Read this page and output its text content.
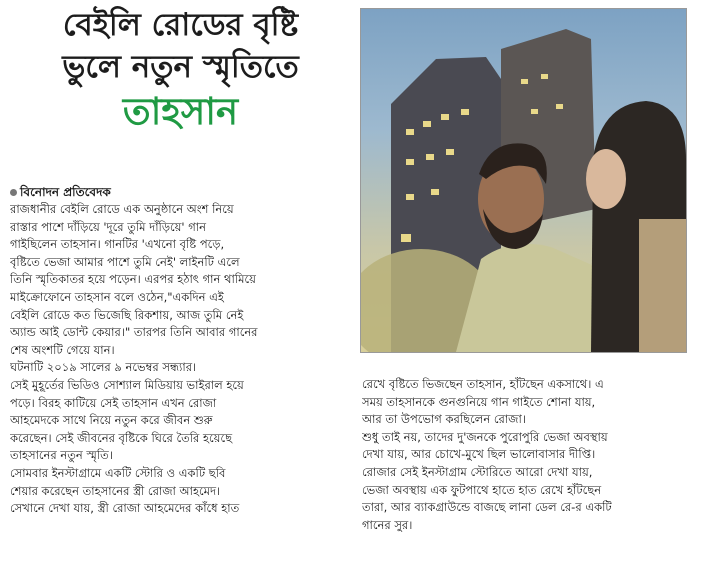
বেইলি রোডের বৃষ্টি
ভুলে নতুন স্মৃতিতে
তাহসান
বিনোদন প্রতিবেদক
রাজধানীর বেইলি রোডে এক অনুষ্ঠানে অংশ নিয়ে
রাস্তার পাশে দাঁড়িয়ে 'দূরে তুমি দাঁড়িয়ে' গান
গাইছিলেন তাহসান। গানটির 'এখনো বৃষ্টি পড়ে,
বৃষ্টিতে ভেজা আমার পাশে তুমি নেই' লাইনটি এলে
তিনি স্মৃতিকাতর হয়ে পড়েন। এরপর হঠাৎ গান থামিয়ে
মাইক্রোফোনে তাহসান বলে ওঠেন,"একদিন এই
বেইলি রোডে কত ভিজেছি রিকশায়, আজ তুমি নেই
অ্যান্ড আই ডোন্ট কেয়ার।" তারপর তিনি আবার গানের
শেষ অংশটি গেয়ে যান।
ঘটনাটি ২০১৯ সালের ৯ নভেম্বর সন্ধ্যার।
সেই মুহূর্তের ভিডিও সোশ্যাল মিডিয়ায় ভাইরাল হয়ে
পড়ে। বিরহ কাটিয়ে সেই তাহসান এখন রোজা
আহমেদকে সাথে নিয়ে নতুন করে জীবন শুরু
করেছেন। সেই জীবনের বৃষ্টিকে ঘিরে তৈরি হয়েছে
তাহসানের নতুন স্মৃতি।
সোমবার ইনস্টাগ্রামে একটি স্টোরি ও একটি ছবি
শেয়ার করেছেন তাহসানের স্ত্রী রোজা আহমেদ।
সেখানে দেখা যায়, স্ত্রী রোজা আহমেদের কাঁধে হাত
রেখে বৃষ্টিতে ভিজছেন তাহসান, হাঁটছেন একসাথে। এ
সময় তাহসানকে গুনগুনিয়ে গান গাইতে শোনা যায়,
আর তা উপভোগ করছিলেন রোজা।
শুধু তাই নয়, তাদের দু'জনকে পুরোপুরি ভেজা অবস্থায়
দেখা যায়, আর চোখে-মুখে ছিল ভালোবাসার দীপ্তি।
রোজার সেই ইনস্টাগ্রাম স্টোরিতে আরো দেখা যায়,
ভেজা অবস্থায় এক ফুটপাথে হাতে হাত রেখে হাঁটছেন
তারা, আর ব্যাকগ্রাউন্ডে বাজছে লানা ডেল রে-র একটি
গানের সুর।
